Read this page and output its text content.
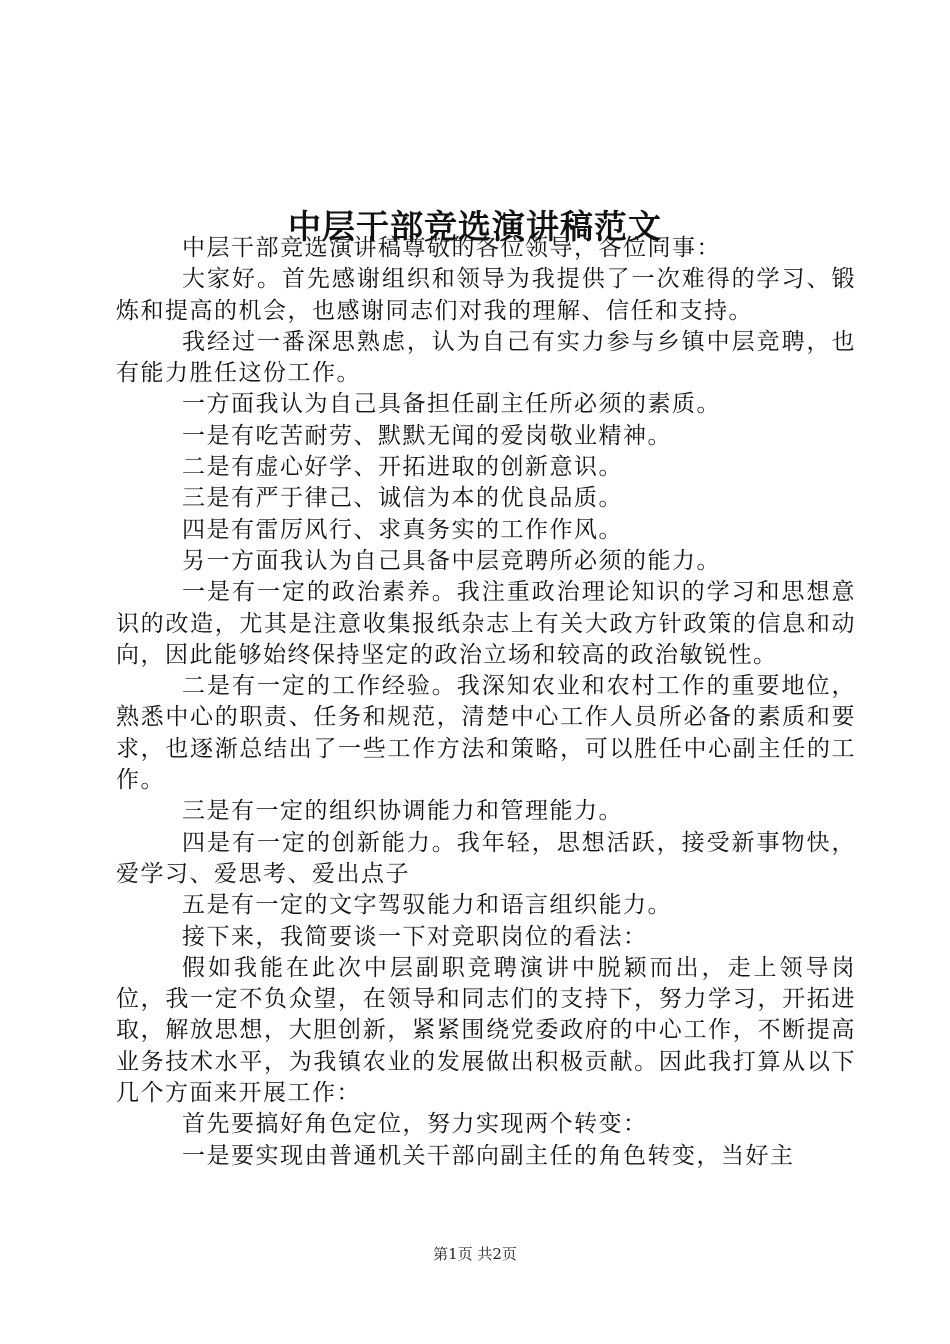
中层干部竞选演讲稿范文

中层干部竞选演讲稿尊敬的各位领导，各位同事：

大家好。首先感谢组织和领导为我提供了一次难得的学习、锻炼和提高的机会，也感谢同志们对我的理解、信任和支持。

我经过一番深思熟虑，认为自己有实力参与乡镇中层竞聘，也有能力胜任这份工作。

一方面我认为自己具备担任副主任所必须的素质。

一是有吃苦耐劳、默默无闻的爱岗敬业精神。

二是有虚心好学、开拓进取的创新意识。

三是有严于律己、诚信为本的优良品质。

四是有雷厉风行、求真务实的工作作风。

另一方面我认为自己具备中层竞聘所必须的能力。

一是有一定的政治素养。我注重政治理论知识的学习和思想意识的改造，尤其是注意收集报纸杂志上有关大政方针政策的信息和动向，因此能够始终保持坚定的政治立场和较高的政治敏锐性。

二是有一定的工作经验。我深知农业和农村工作的重要地位，熟悉中心的职责、任务和规范，清楚中心工作人员所必备的素质和要求，也逐渐总结出了一些工作方法和策略，可以胜任中心副主任的工作。

三是有一定的组织协调能力和管理能力。

四是有一定的创新能力。我年轻，思想活跃，接受新事物快，爱学习、爱思考、爱出点子

五是有一定的文字驾驭能力和语言组织能力。

接下来，我简要谈一下对竞职岗位的看法：

假如我能在此次中层副职竞聘演讲中脱颖而出，走上领导岗位，我一定不负众望，在领导和同志们的支持下，努力学习，开拓进取，解放思想，大胆创新，紧紧围绕党委政府的中心工作，不断提高业务技术水平，为我镇农业的发展做出积极贡献。因此我打算从以下几个方面来开展工作：

首先要搞好角色定位，努力实现两个转变：

一是要实现由普通机关干部向副主任的角色转变，当好主

第1页 共2页
